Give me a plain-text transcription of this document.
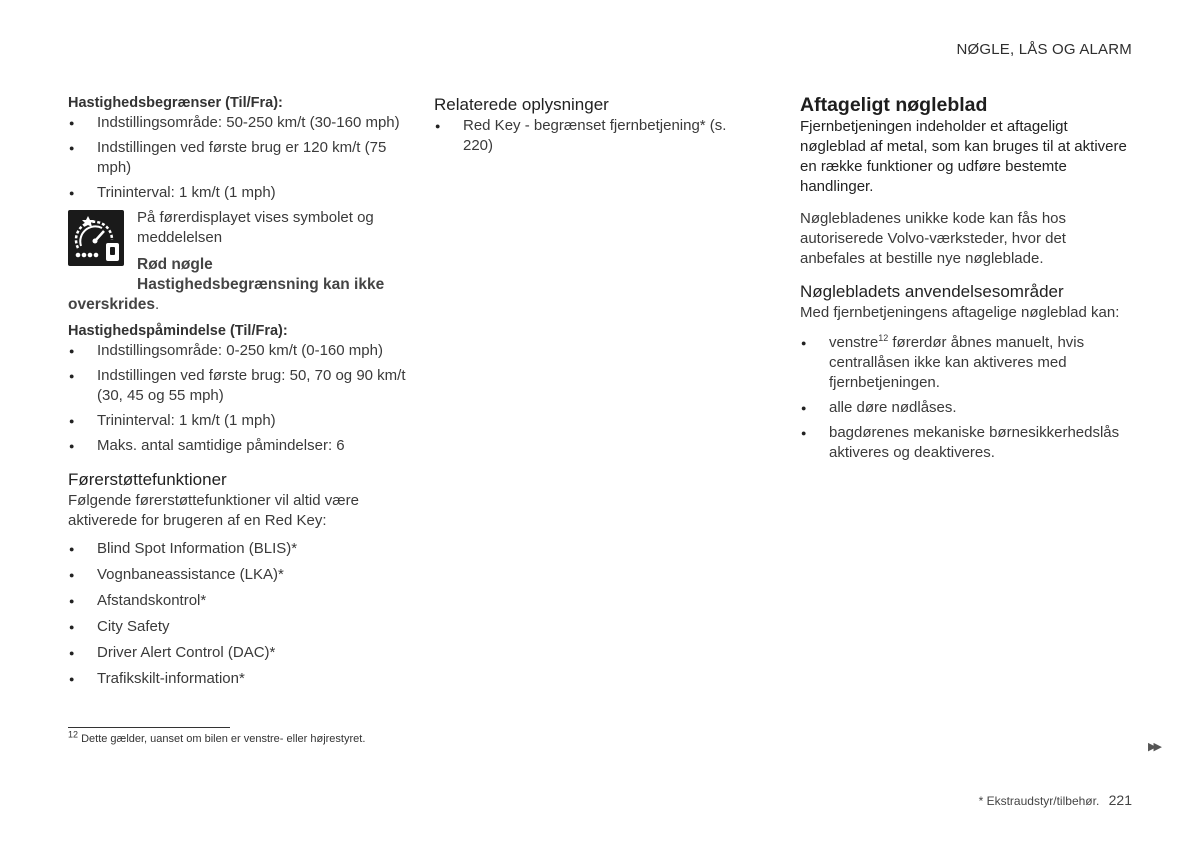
NØGLE, LÅS OG ALARM

Hastighedsbegrænser (Til/Fra):

● Indstillingsområde: 50-250 km/t (30-160 mph)
● Indstillingen ved første brug er 120 km/t (75 mph)
● Trininterval: 1 km/t (1 mph)

På førerdisplayet vises symbolet og meddelelsen

Rød nøgle

Hastighedsbegrænsning kan ikke

overskrides.

Hastighedspåmindelse (Til/Fra):

● Indstillingsområde: 0-250 km/t (0-160 mph)
● Indstillingen ved første brug: 50, 70 og 90 km/t (30, 45 og 55 mph)
● Trininterval: 1 km/t (1 mph)
● Maks. antal samtidige påmindelser: 6

Førerstøttefunktioner

Følgende førerstøttefunktioner vil altid være aktiverede for brugeren af en Red Key:

● Blind Spot Information (BLIS)*
● Vognbaneassistance (LKA)*
● Afstandskontrol*
● City Safety
● Driver Alert Control (DAC)*
● Trafikskilt-information*

Relaterede oplysninger

● Red Key - begrænset fjernbetjening* (s. 220)

Aftageligt nøgleblad

Fjernbetjeningen indeholder et aftageligt nøgleblad af metal, som kan bruges til at aktivere en række funktioner og udføre bestemte handlinger.

Nøglebladenes unikke kode kan fås hos autoriserede Volvo-værksteder, hvor det anbefales at bestille nye nøgleblade.

Nøglebladets anvendelsesområder

Med fjernbetjeningens aftagelige nøgleblad kan:

● venstre$^{12}$ førerdør åbnes manuelt, hvis centrallåsen ikke kan aktiveres med fjernbetjeningen.
● alle døre nødlåses.
● bagdørenes mekaniske børnesikkerhedslås aktiveres og deaktiveres.
$^{12}$ Dette gælder, uanset om bilen er venstre- eller højrestyret.
▶▶
* Ekstraudstyr/tilbehør. 221
